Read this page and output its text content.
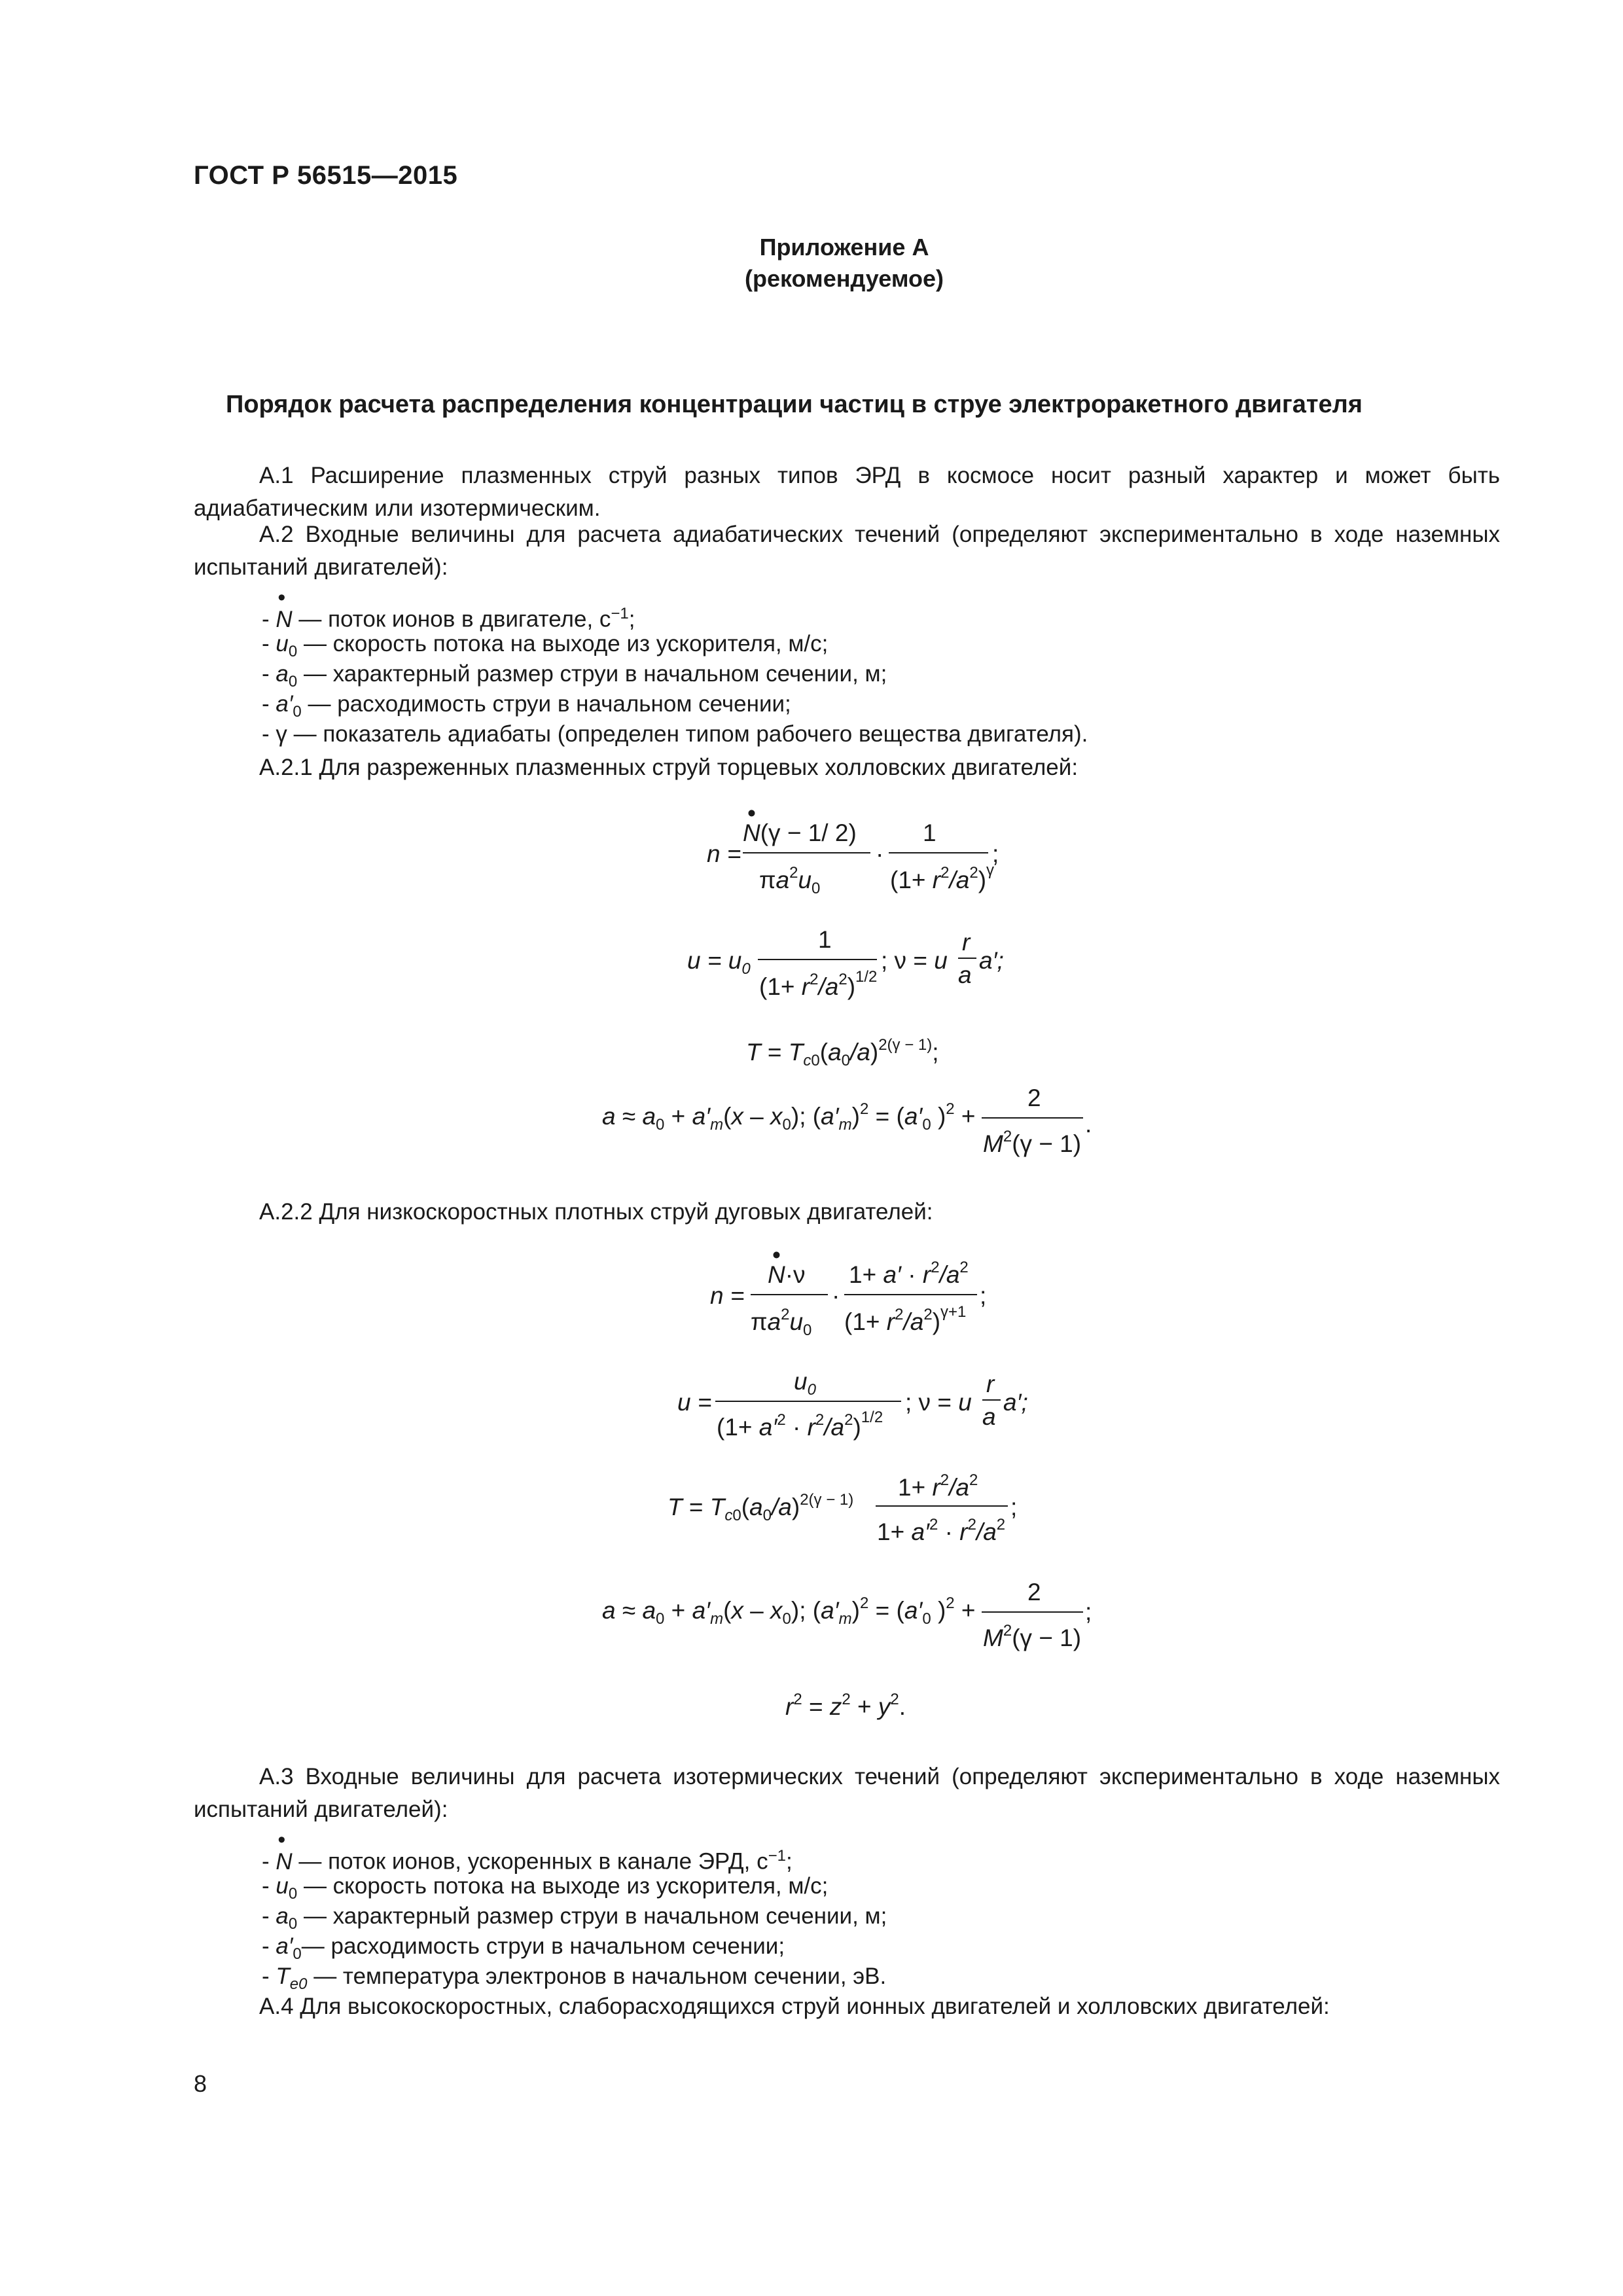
ГОСТ Р 56515—2015
Приложение А
(рекомендуемое)
Порядок расчета распределения концентрации частиц в струе электроракетного двигателя
А.1 Расширение плазменных струй разных типов ЭРД в космосе носит разный характер и может быть адиабатическим или изотермическим.
А.2 Входные величины для расчета адиабатических течений (определяют экспериментально в ходе наземных испытаний двигателей):
- • N — поток ионов в двигателе, $с^{-1}$;
- $u_0$ — скорость потока на выходе из ускорителя, м/с;
- $a_0$ — характерный размер струи в начальном сечении, м;
- $a'_0$ — расходимость струи в начальном сечении;
- γ — показатель адиабаты (определен типом рабочего вещества двигателя).
А.2.1 Для разреженных плазменных струй торцевых холловских двигателей:
n =
N(γ − 1/ 2)
•
$\pi a^2u_0$
·
1
$(1+ r^2/a^2)^\gamma$
;
$u = u_0$
1
$(1+ r^2/a^2)^{1/2}$
; ν = u
r
a
a′;
$T = T_c0(a_0/a)^{2(\gamma - 1)}$;
$a \approx a_0 + a'_m(x - x_0)$; $(a'_m)^2 = (a'_0$ )$^2$ +
2
$M^2(\gamma - 1)$
.
А.2.2 Для низкоскоростных плотных струй дуговых двигателей:
n =
N·ν
•
$\pi a^2u_0$
·
$1+ a' \cdot r^2/a^2$
$(1+ r^2/a^2)^{\gamma+1}$
;
u =
$u_0$
$(1+ a'^2 \cdot r^2/a^2)^{1/2}$
; ν = u
r
a
a′;
$T = T_c0(a_0/a)^{2(\gamma - 1)}$ $1+ r^2/a^2$
$1+ a'^2 \cdot r^2/a^2$
;
$a \approx a_0 + a'_m(x - x_0)$; $(a'_m)^2 = (a'_0$ )$^2$ +
2
$M^2(\gamma - 1)$
;
$r^2 = z^2 + y^2$.
А.3 Входные величины для расчета изотермических течений (определяют экспериментально в ходе наземных испытаний двигателей):
- • N — поток ионов, ускоренных в канале ЭРД, $с^{-1}$;
- $u_0$ — скорость потока на выходе из ускорителя, м/с;
- $a_0$ — характерный размер струи в начальном сечении, м;
- $a'_0—$ расходимость струи в начальном сечении;
- $T_{e0}$ — температура электронов в начальном сечении, эВ.
А.4 Для высокоскоростных, слаборасходящихся струй ионных двигателей и холловских двигателей:
8
